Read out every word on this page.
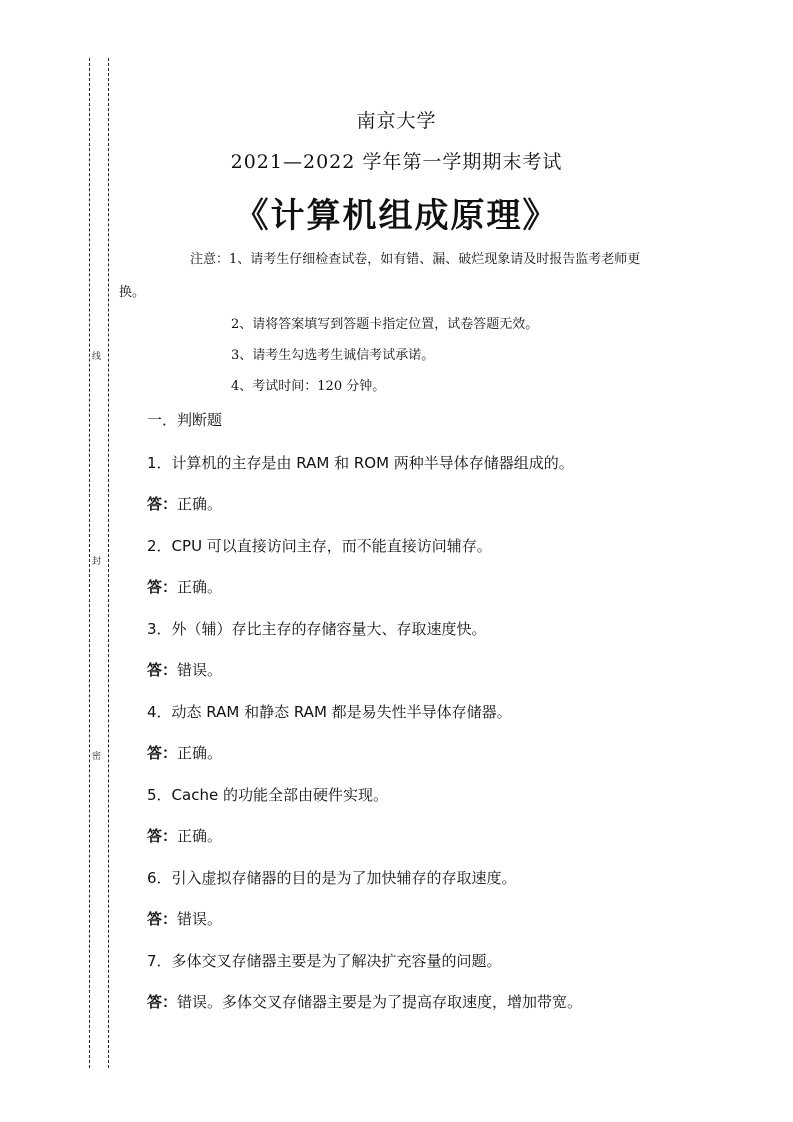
线
封
密
南京大学
2021—2022 学年第一学期期末考试
《计算机组成原理》
注意：1、请考生仔细检查试卷，如有错、漏、破烂现象请及时报告监考老师更
换。
2、请将答案填写到答题卡指定位置，试卷答题无效。
3、请考生勾选考生诚信考试承诺。
4、考试时间：120 分钟。
一．判断题
1．计算机的主存是由 RAM 和 ROM 两种半导体存储器组成的。
答：正确。
2．CPU 可以直接访问主存，而不能直接访问辅存。
答：正确。
3．外（辅）存比主存的存储容量大、存取速度快。
答：错误。
4．动态 RAM 和静态 RAM 都是易失性半导体存储器。
答：正确。
5．Cache 的功能全部由硬件实现。
答：正确。
6．引入虚拟存储器的目的是为了加快辅存的存取速度。
答：错误。
7．多体交叉存储器主要是为了解决扩充容量的问题。
答：错误。多体交叉存储器主要是为了提高存取速度，增加带宽。
